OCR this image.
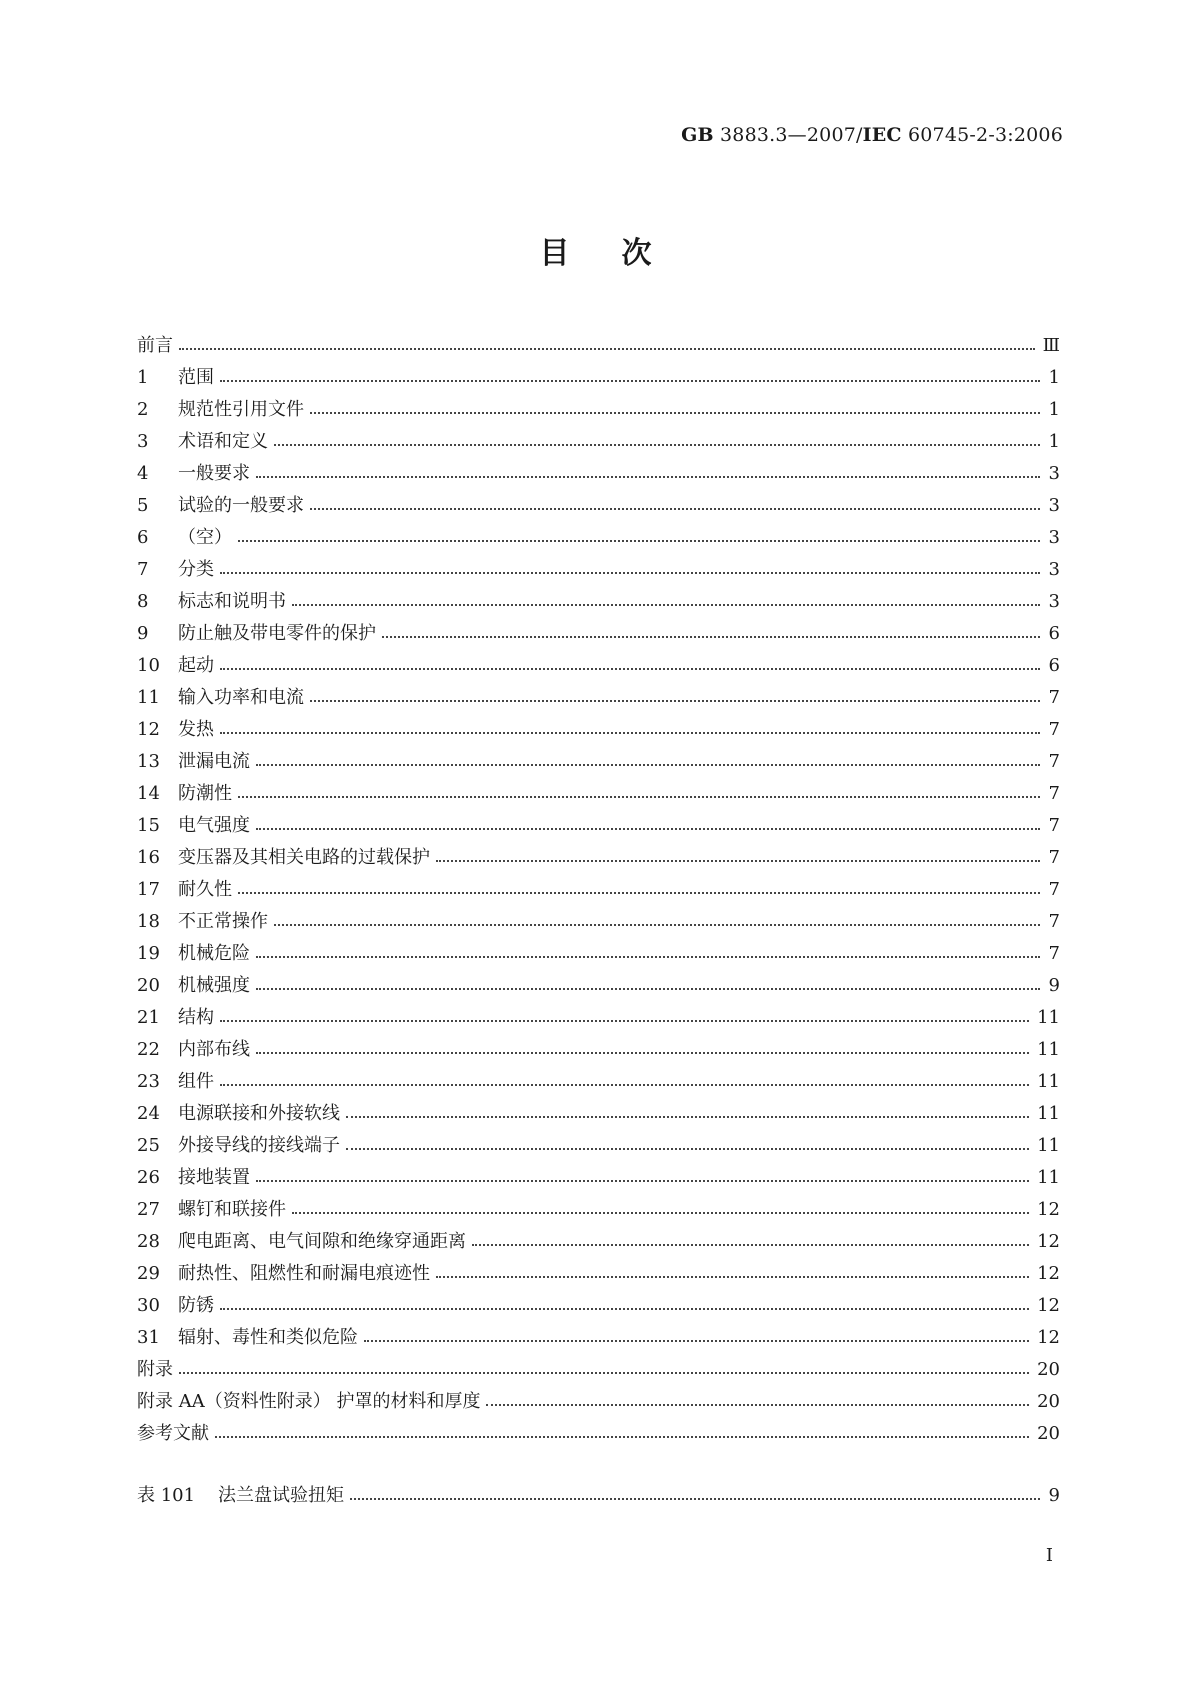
GB 3883.3—2007/IEC 60745-2-3:2006
目次
前言	Ⅲ
1	范围	1
2	规范性引用文件	1
3	术语和定义	1
4	一般要求	3
5	试验的一般要求	3
6	（空）	3
7	分类	3
8	标志和说明书	3
9	防止触及带电零件的保护	6
10	起动	6
11	输入功率和电流	7
12	发热	7
13	泄漏电流	7
14	防潮性	7
15	电气强度	7
16	变压器及其相关电路的过载保护	7
17	耐久性	7
18	不正常操作	7
19	机械危险	7
20	机械强度	9
21	结构	11
22	内部布线	11
23	组件	11
24	电源联接和外接软线	11
25	外接导线的接线端子	11
26	接地装置	11
27	螺钉和联接件	12
28	爬电距离、电气间隙和绝缘穿通距离	12
29	耐热性、阻燃性和耐漏电痕迹性	12
30	防锈	12
31	辐射、毒性和类似危险	12
附录	20
附录 AA（资料性附录） 护罩的材料和厚度	20
参考文献	20
表 101	法兰盘试验扭矩	9
I
